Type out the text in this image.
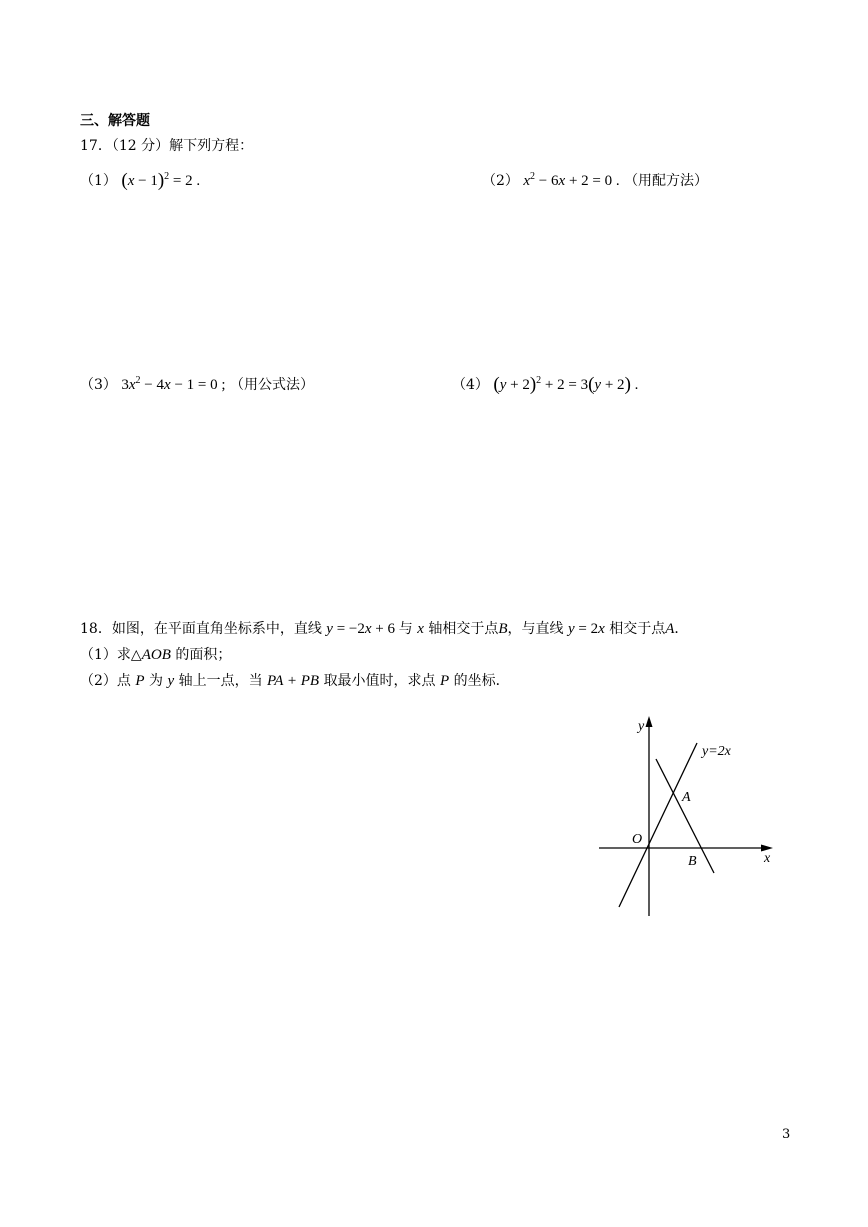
三、解答题
17．（12 分）解下列方程：
（1） $(x - 1)^2 = 2$ .	（2） $x^2 - 6x + 2 = 0$ . （用配方法）
（3） $3x^2 - 4x - 1 = 0$ ; （用公式法）	（4） $(y + 2)^2 + 2 = 3(y + 2)$ .
18．如图，在平面直角坐标系中，直线 y = −2x + 6 与 x 轴相交于点B，与直线 y = 2x 相交于点A．
（1）求△AOB 的面积；
（2）点 P 为 y 轴上一点，当 PA + PB 取最小值时，求点 P 的坐标．
y
x
O
y=2x
A
B
3
